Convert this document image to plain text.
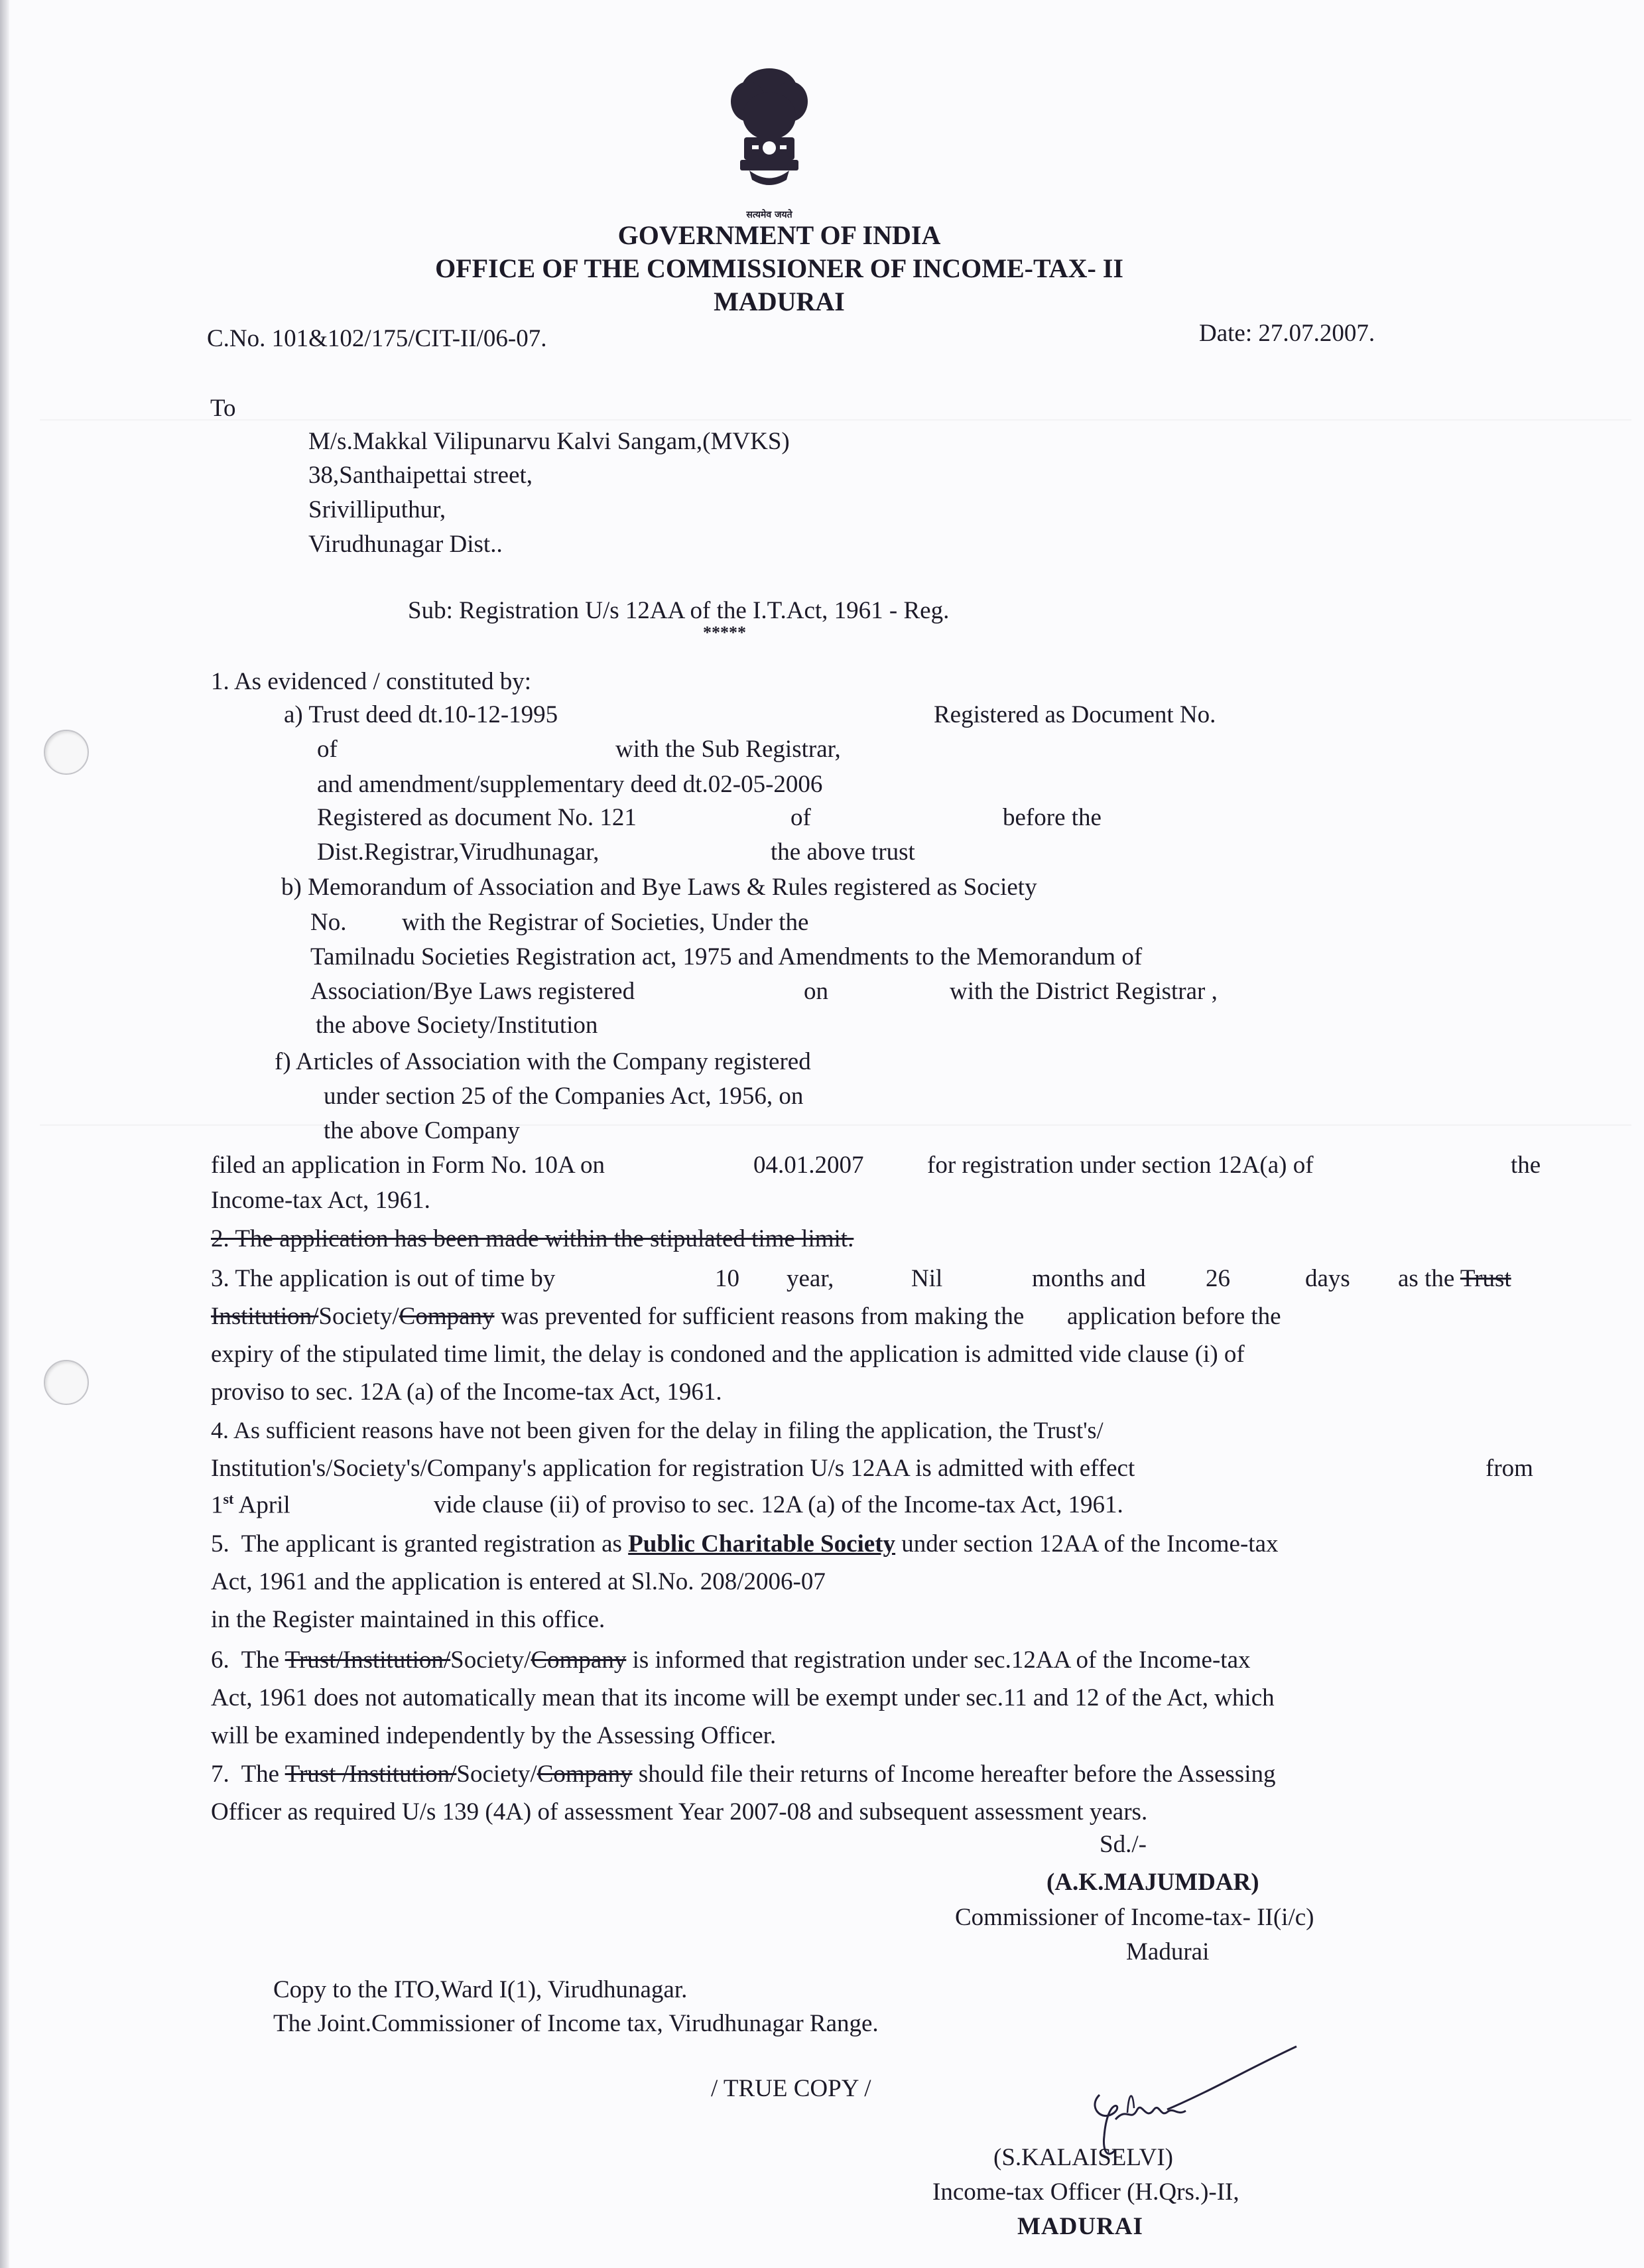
सत्यमेव जयते
GOVERNMENT OF INDIA
OFFICE OF THE COMMISSIONER OF INCOME-TAX- II
MADURAI
C.No. 101&102/175/CIT-II/06-07.	Date: 27.07.2007.
To
M/s.Makkal Vilipunarvu Kalvi Sangam,(MVKS)
38,Santhaipettai street,
Srivilliputhur,
Virudhunagar Dist..
Sub: Registration U/s 12AA of the I.T.Act, 1961 - Reg.
*****
1. As evidenced / constituted by:
a) Trust deed dt.10-12-1995	Registered as Document No.
of	with the Sub Registrar,
and amendment/supplementary deed dt.02-05-2006
Registered as document No. 121	of	before the
Dist.Registrar,Virudhunagar,	the above trust
b) Memorandum of Association and Bye Laws & Rules registered as Society
No. with the Registrar of Societies, Under the
Tamilnadu Societies Registration act, 1975 and Amendments to the Memorandum of
Association/Bye Laws registered	on	with the District Registrar ,
the above Society/Institution
f) Articles of Association with the Company registered
under section 25 of the Companies Act, 1956, on
the above Company
filed an application in Form No. 10A on	04.01.2007	for registration under section 12A(a) of	the
Income-tax Act, 1961.
2. The application has been made within the stipulated time limit.
3. The application is out of time by	10 year,	Nil	months and 26	days as the Trust
Institution/Society/Company was prevented for sufficient reasons from making the       application before the
expiry of the stipulated time limit, the delay is condoned and the application is admitted vide clause (i) of
proviso to sec. 12A (a) of the Income-tax Act, 1961.
4. As sufficient reasons have not been given for the delay in filing the application, the Trust's/
Institution's/Society's/Company's application for registration U/s 12AA is admitted with effect	from
1st April	vide clause (ii) of proviso to sec. 12A (a) of the Income-tax Act, 1961.
5.  The applicant is granted registration as Public Charitable Society under section 12AA of the Income-tax
Act, 1961 and the application is entered at Sl.No. 208/2006-07
in the Register maintained in this office.
6.  The Trust/Institution/Society/Company is informed that registration under sec.12AA of the Income-tax
Act, 1961 does not automatically mean that its income will be exempt under sec.11 and 12 of the Act, which
will be examined independently by the Assessing Officer.
7.  The Trust /Institution/Society/Company should file their returns of Income hereafter before the Assessing
Officer as required U/s 139 (4A) of assessment Year 2007-08 and subsequent assessment years.
Sd./-
(A.K.MAJUMDAR)
Commissioner of Income-tax- II(i/c)
Madurai
Copy to the ITO,Ward I(1), Virudhunagar.
The Joint.Commissioner of Income tax, Virudhunagar Range.
/ TRUE COPY /
(S.KALAISELVI)
Income-tax Officer (H.Qrs.)-II,
MADURAI
